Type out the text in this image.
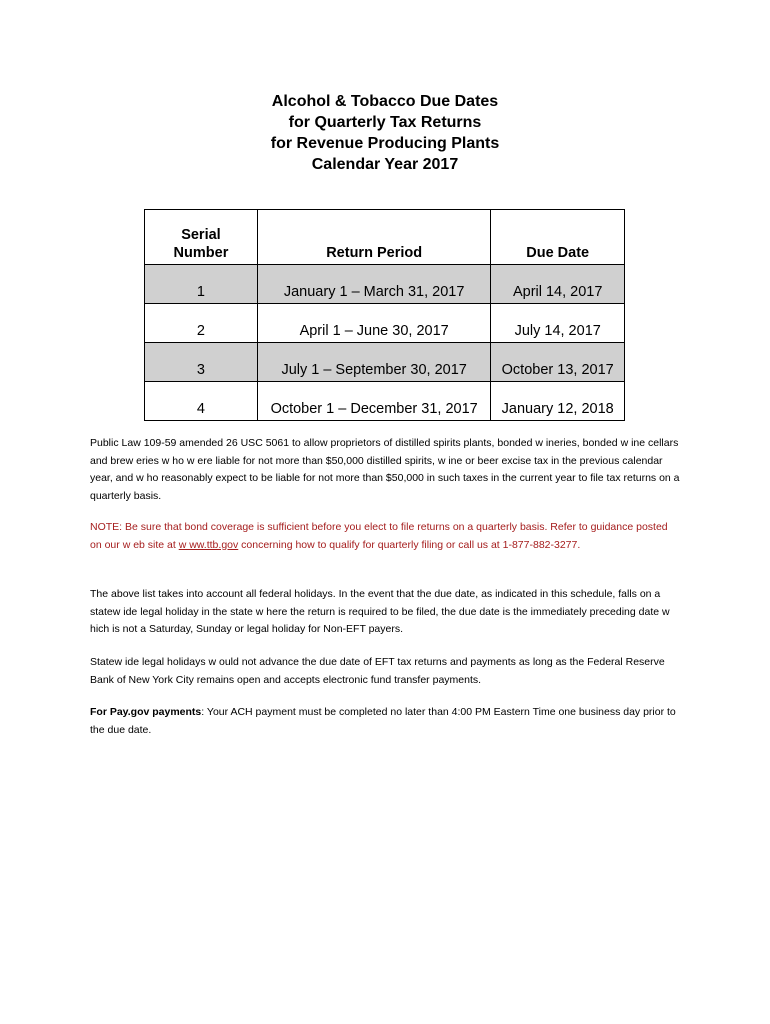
Alcohol & Tobacco Due Dates
for Quarterly Tax Returns
for Revenue Producing Plants
Calendar Year 2017
Serial
Number	Return Period	Due Date

1	January 1 – March 31, 2017	April 14, 2017
2	April 1 – June 30, 2017	July 14, 2017
3	July 1 – September 30, 2017	October 13, 2017
4	October 1 – December 31, 2017	January 12, 2018

Public Law 109-59 amended 26 USC 5061 to allow proprietors of distilled spirits plants, bonded w ineries, bonded w ine cellars and brew eries w ho w ere liable for not more than $50,000 distilled spirits, w ine or beer excise tax in the previous calendar year, and w ho reasonably expect to be liable for not more than $50,000 in such taxes in the current year to file tax returns on a quarterly basis.

NOTE: Be sure that bond coverage is sufficient before you elect to file returns on a quarterly basis. Refer to guidance posted on our w eb site at w ww.ttb.gov concerning how to qualify for quarterly filing or call us at 1-877-882-3277.

The above list takes into account all federal holidays. In the event that the due date, as indicated in this schedule, falls on a statew ide legal holiday in the state w here the return is required to be filed, the due date is the immediately preceding date w hich is not a Saturday, Sunday or legal holiday for Non-EFT payers.

Statew ide legal holidays w ould not advance the due date of EFT tax returns and payments as long as the Federal Reserve Bank of New York City remains open and accepts electronic fund transfer payments.

For Pay.gov payments: Your ACH payment must be completed no later than 4:00 PM Eastern Time one business day prior to the due date.
